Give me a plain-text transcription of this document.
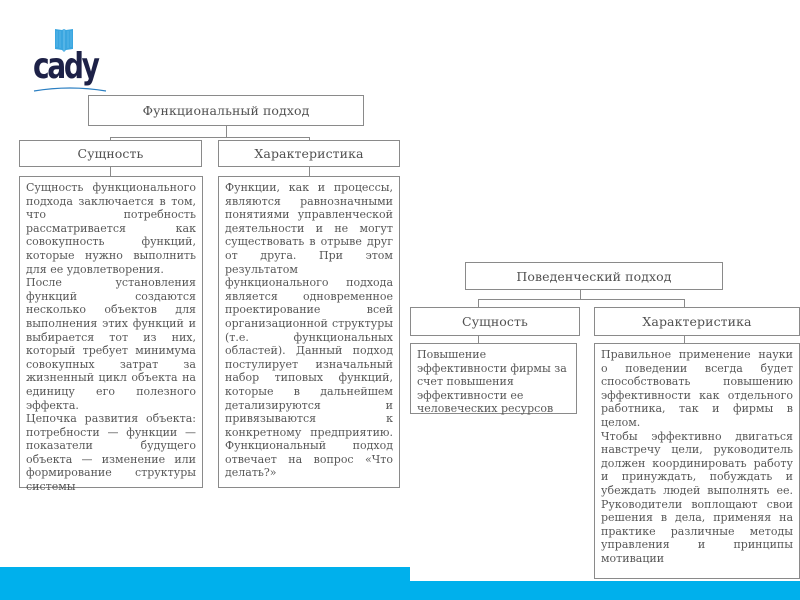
cady
Функциональный подход
Сущность	Характеристика

Сущность функционального подхода заключается в том, что потребность рассматривается как совокупность функций, которые нужно выполнить для ее удовлетворения.

После установления функций создаются несколько объектов для выполнения этих функций и выбирается тот из них, который требует минимума совокупных затрат за жизненный цикл объекта на единицу его полезного эффекта.

Цепочка развития объекта: потребности — функции — показатели будущего объекта — изменение или формирование структуры системы

Функции, как и процессы, являются равнозначными понятиями управленческой деятельности и не могут существовать в отрыве друг от друга. При этом результатом функционального подхода является одновременное проектирование всей организационной структуры (т.е. функциональных областей). Данный подход постулирует изначальный набор типовых функций, которые в дальнейшем детализируются и привязываются к конкретному предприятию. Функциональный подход отвечает на вопрос «Что делать?»

Поведенческий подход
Сущность	Характеристика

Повышение эффективности фирмы за счет повышения эффективности ее человеческих ресурсов

Правильное применение науки о поведении всегда будет способствовать повышению эффективности как отдельного работника, так и фирмы в целом.

Чтобы эффективно двигаться навстречу цели, руководитель должен координировать работу и принуждать, побуждать и убеждать людей выполнять ее. Руководители воплощают свои решения в дела, применяя на практике различные методы управления и принципы мотивации
